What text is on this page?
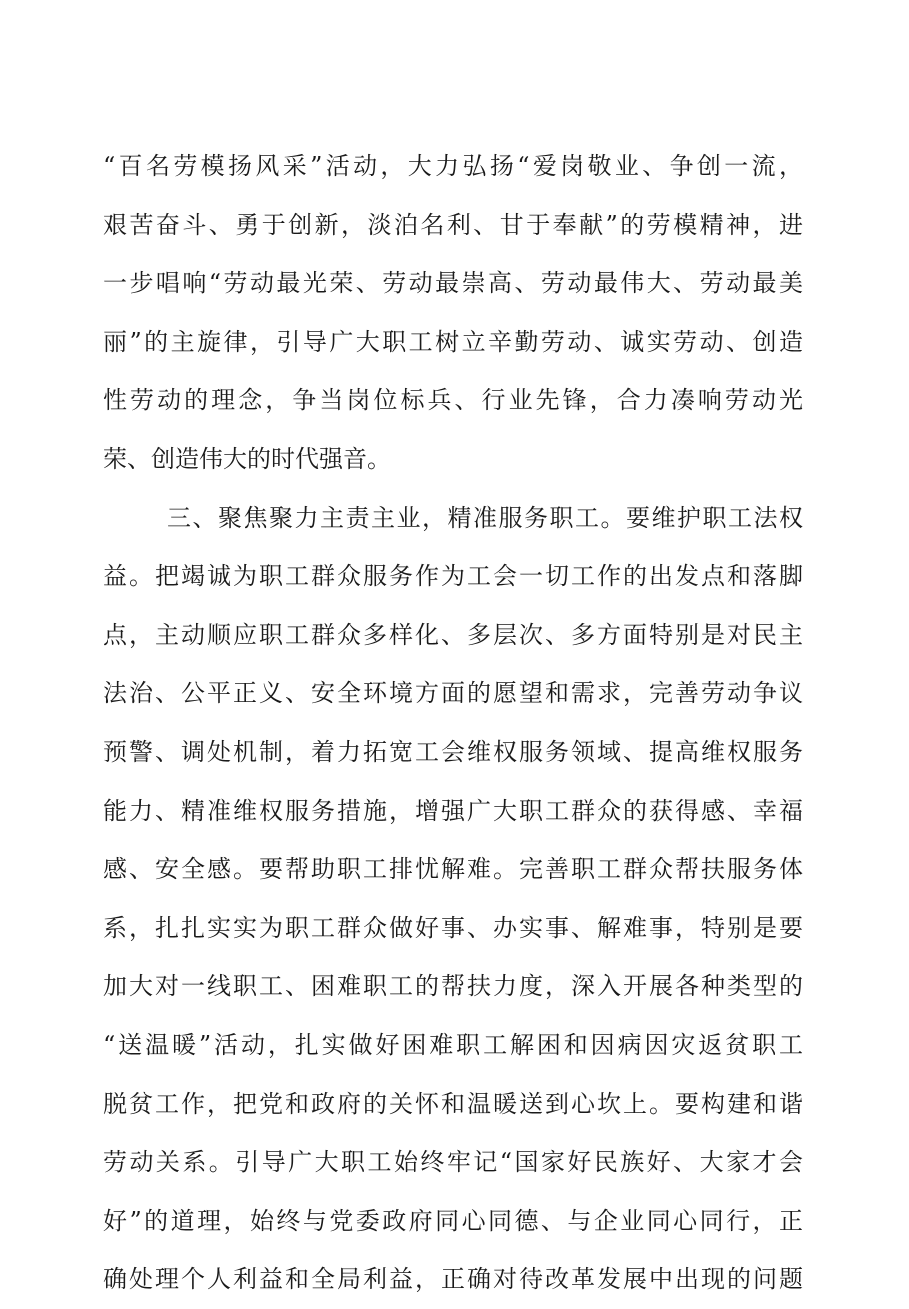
“百名劳模扬风采”活动，大力弘扬“爱岗敬业、争创一流，
艰苦奋斗、勇于创新，淡泊名利、甘于奉献”的劳模精神，进
一步唱响“劳动最光荣、劳动最崇高、劳动最伟大、劳动最美
丽”的主旋律，引导广大职工树立辛勤劳动、诚实劳动、创造
性劳动的理念，争当岗位标兵、行业先锋，合力凑响劳动光
荣、创造伟大的时代强音。
三、聚焦聚力主责主业，精准服务职工。要维护职工法权
益。把竭诚为职工群众服务作为工会一切工作的出发点和落脚
点，主动顺应职工群众多样化、多层次、多方面特别是对民主
法治、公平正义、安全环境方面的愿望和需求，完善劳动争议
预警、调处机制，着力拓宽工会维权服务领域、提高维权服务
能力、精准维权服务措施，增强广大职工群众的获得感、幸福
感、安全感。要帮助职工排忧解难。完善职工群众帮扶服务体
系，扎扎实实为职工群众做好事、办实事、解难事，特别是要
加大对一线职工、困难职工的帮扶力度，深入开展各种类型的
“送温暖”活动，扎实做好困难职工解困和因病因灾返贫职工
脱贫工作，把党和政府的关怀和温暖送到心坎上。要构建和谐
劳动关系。引导广大职工始终牢记“国家好民族好、大家才会
好”的道理，始终与党委政府同心同德、与企业同心同行，正
确处理个人利益和全局利益，正确对待改革发展中出现的问题
